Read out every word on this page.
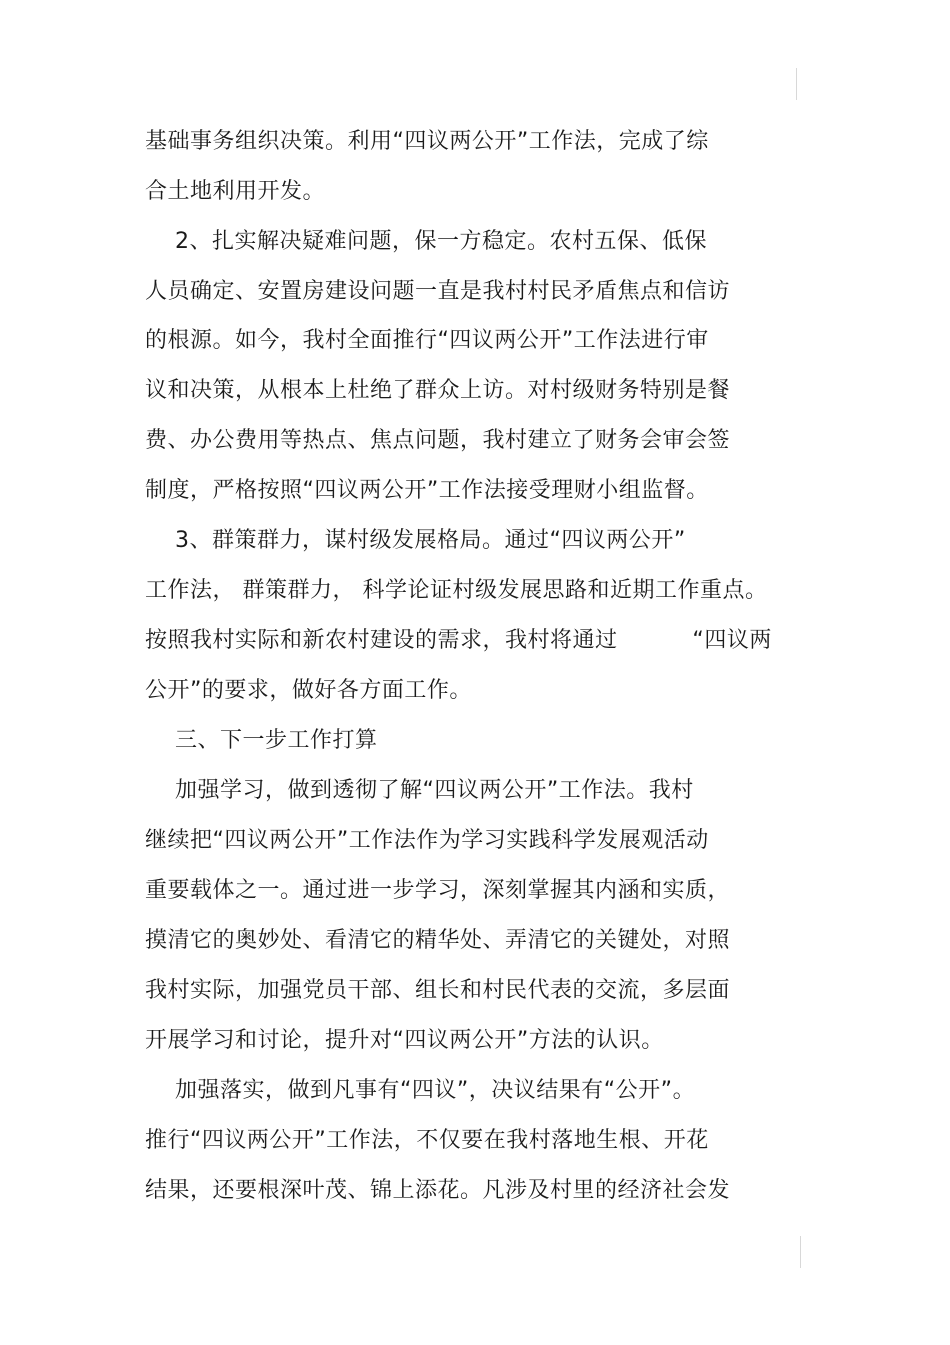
基础事务组织决策。利用“四议两公开”工作法，完成了综
合土地利用开发。
2、扎实解决疑难问题，保一方稳定。农村五保、低保
人员确定、安置房建设问题一直是我村村民矛盾焦点和信访
的根源。如今，我村全面推行“四议两公开”工作法进行审
议和决策，从根本上杜绝了群众上访。对村级财务特别是餐
费、办公费用等热点、焦点问题，我村建立了财务会审会签
制度，严格按照“四议两公开”工作法接受理财小组监督。
3、群策群力，谋村级发展格局。通过“四议两公开”
工作法， 群策群力， 科学论证村级发展思路和近期工作重点。
按照我村实际和新农村建设的需求，我村将通过          “四议两
公开”的要求，做好各方面工作。
三、下一步工作打算
加强学习，做到透彻了解“四议两公开”工作法。我村
继续把“四议两公开”工作法作为学习实践科学发展观活动
重要载体之一。通过进一步学习，深刻掌握其内涵和实质，
摸清它的奥妙处、看清它的精华处、弄清它的关键处，对照
我村实际，加强党员干部、组长和村民代表的交流，多层面
开展学习和讨论，提升对“四议两公开”方法的认识。
加强落实，做到凡事有“四议”，决议结果有“公开”。
推行“四议两公开”工作法，不仅要在我村落地生根、开花
结果，还要根深叶茂、锦上添花。凡涉及村里的经济社会发
